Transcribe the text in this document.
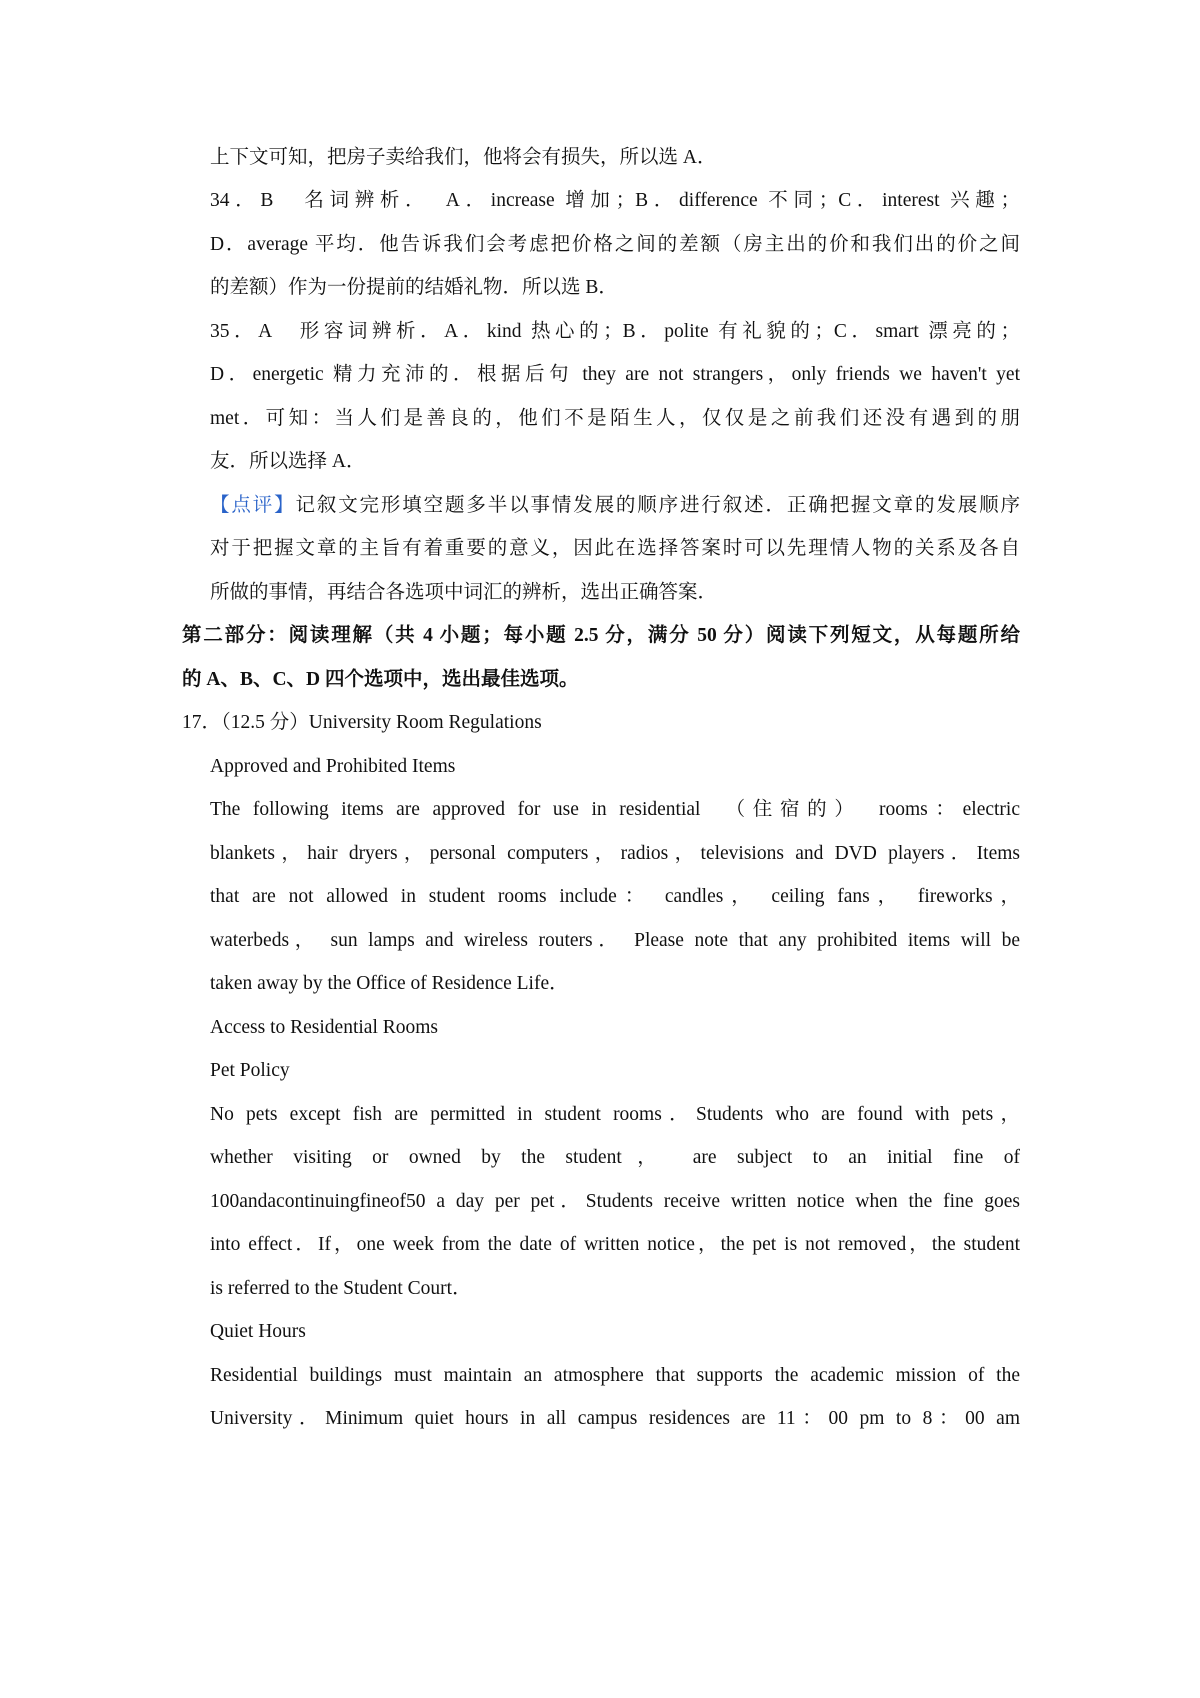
上下文可知，把房子卖给我们，他将会有损失，所以选 A．
34．B　名词辨析．　A．increase 增加；B．difference 不同；C．interest 兴趣；
D．average 平均．他告诉我们会考虑把价格之间的差额（房主出的价和我们出的价之间
的差额）作为一份提前的结婚礼物．所以选 B．
35．A　形容词辨析．A．kind 热心的；B．polite 有礼貌的；C．smart 漂亮的；
D．energetic 精力充沛的．根据后句 they are not strangers，only friends we haven't yet
met．可知：当人们是善良的，他们不是陌生人，仅仅是之前我们还没有遇到的朋
友．所以选择 A．
【点评】记叙文完形填空题多半以事情发展的顺序进行叙述．正确把握文章的发展顺序
对于把握文章的主旨有着重要的意义，因此在选择答案时可以先理情人物的关系及各自
所做的事情，再结合各选项中词汇的辨析，选出正确答案．
第二部分：阅读理解（共 4 小题；每小题 2.5 分，满分 50 分）阅读下列短文，从每题所给
的 A、B、C、D 四个选项中，选出最佳选项。
17．（12.5 分）University Room Regulations
Approved and Prohibited Items
The following items are approved for use in residential　（住宿的）　rooms：electric
blankets，hair dryers，personal computers，radios，televisions and DVD players．Items
that are not allowed in student rooms include： candles， ceiling fans， fireworks，
waterbeds， sun lamps and wireless routers． Please note that any prohibited items will be
taken away by the Office of Residence Life．
Access to Residential Rooms
Pet Policy
No pets except fish are permitted in student rooms．Students who are found with pets，
whether visiting or owned by the student， are subject to an initial fine of
100andacontinuingfineof50 a day per pet．Students receive written notice when the fine goes
into effect．If，one week from the date of written notice，the pet is not removed，the student
is referred to the Student Court．
Quiet Hours
Residential buildings must maintain an atmosphere that supports the academic mission of the
University．Minimum quiet hours in all campus residences are 11：00 pm to 8：00 am
